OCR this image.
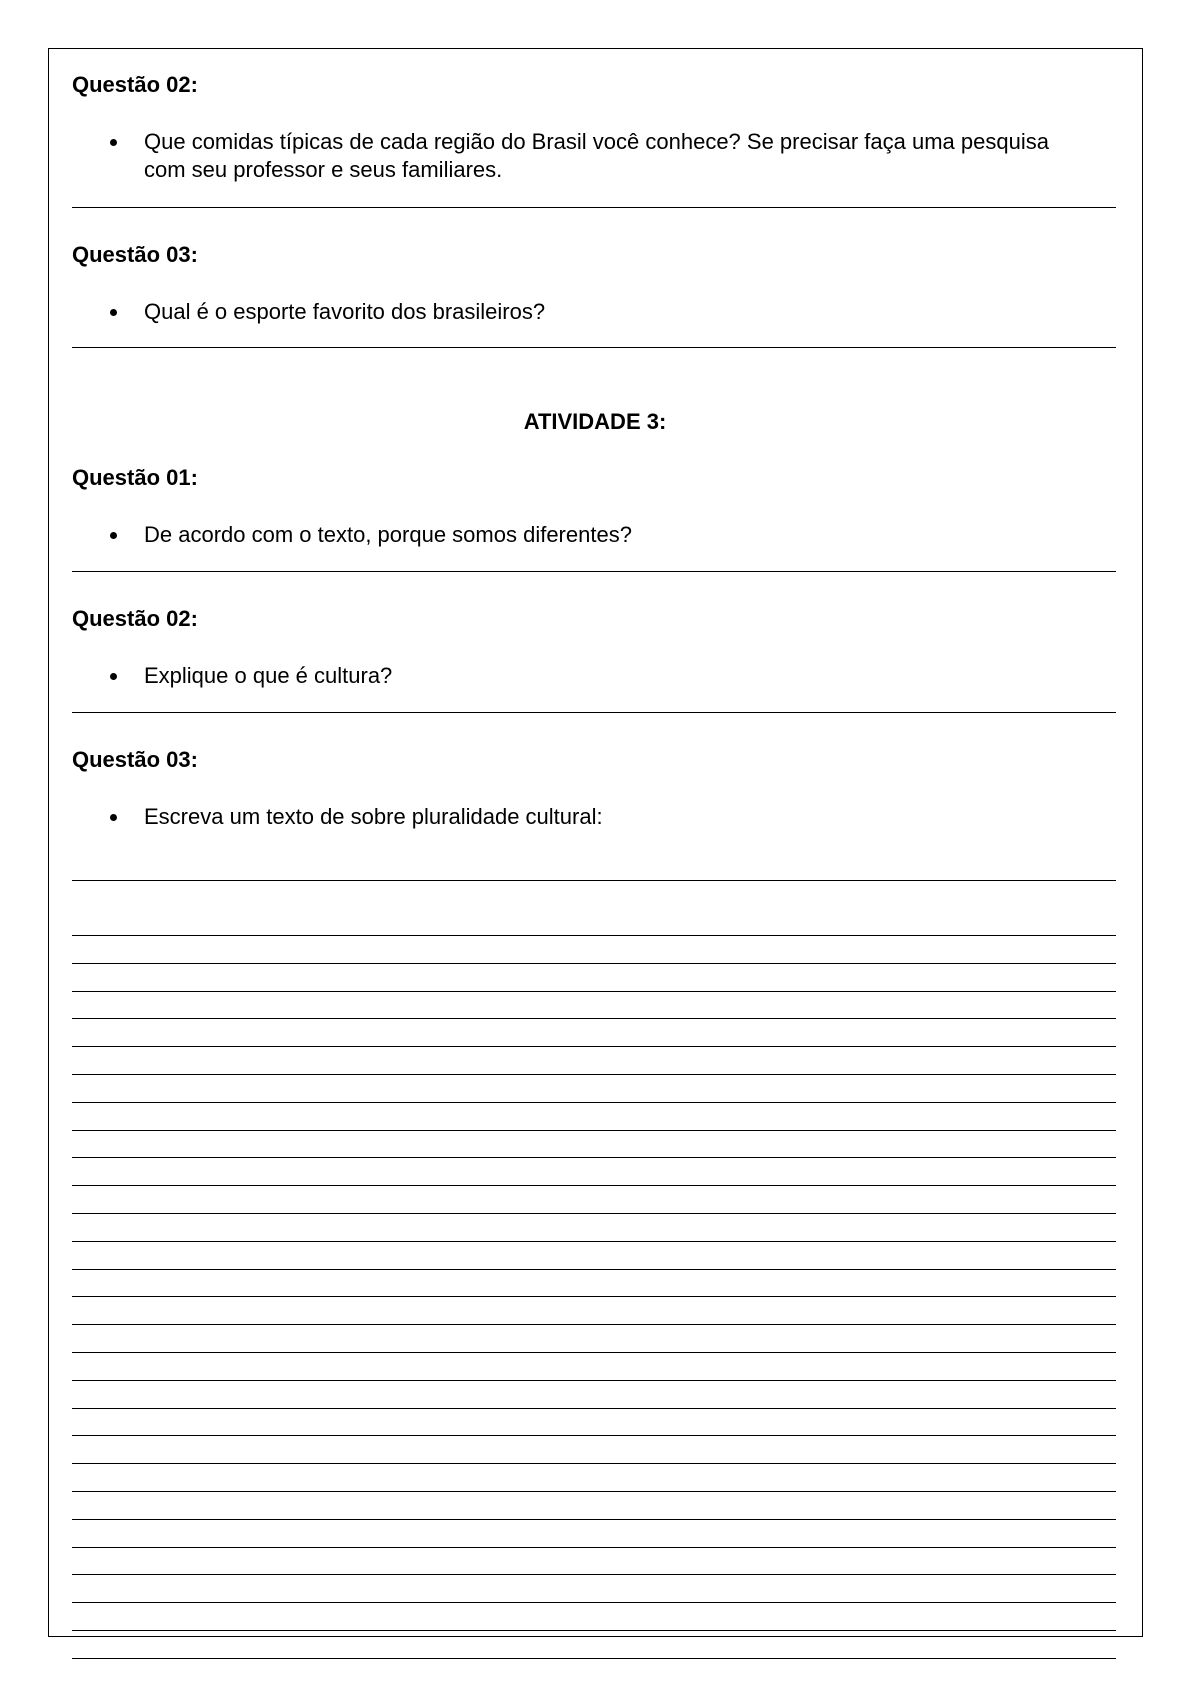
Questão 02:
Que comidas típicas de cada região do Brasil você conhece? Se precisar faça uma pesquisa com seu professor e seus familiares.
Questão 03:
Qual é o esporte favorito dos brasileiros?
ATIVIDADE 3:
Questão 01:
De acordo com o texto, porque somos diferentes?
Questão 02:
Explique o que é cultura?
Questão 03:
Escreva um texto de sobre pluralidade cultural:
